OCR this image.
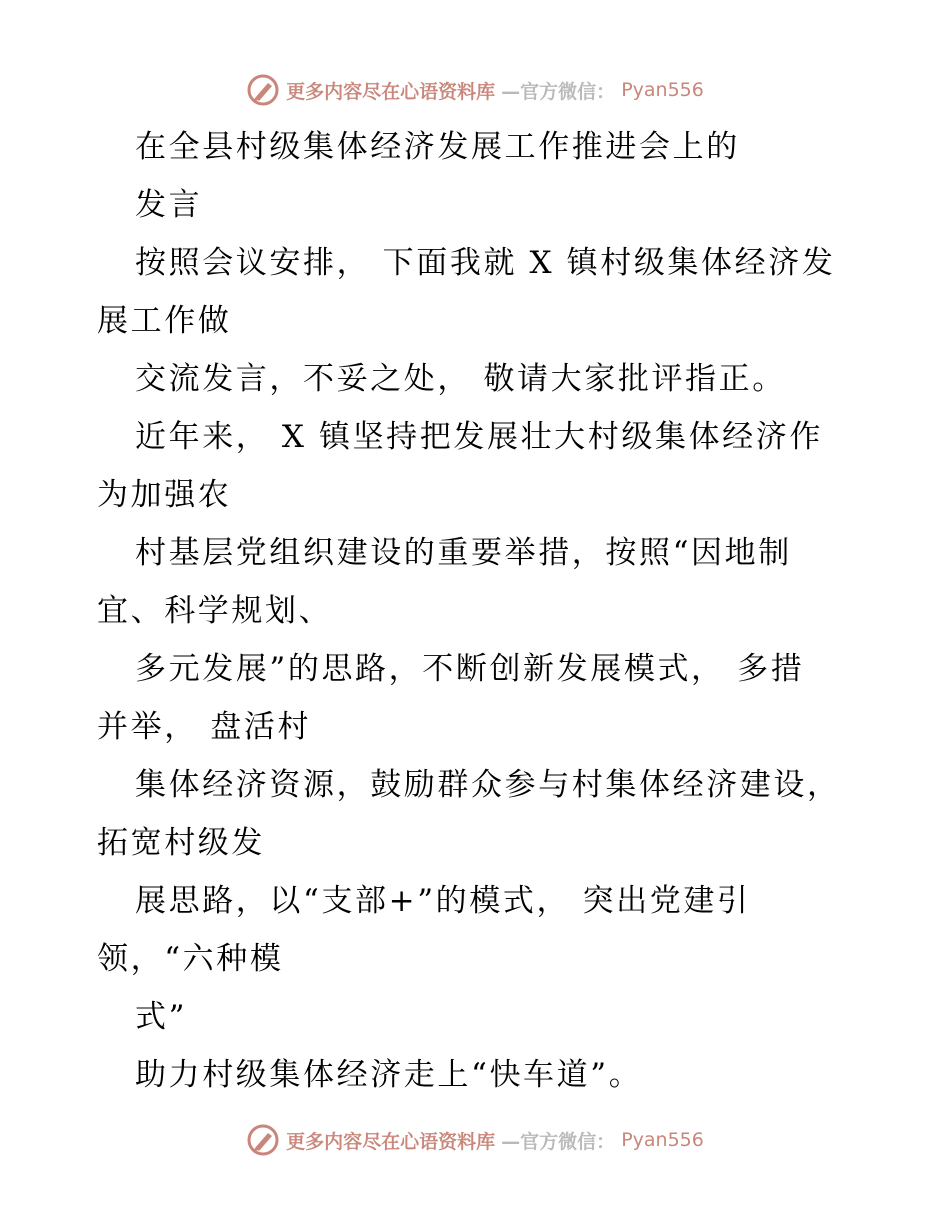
更多内容尽在心语资料库 —官方微信： Pyan556
在全县村级集体经济发展工作推进会上的
发言
按照会议安排， 下面我就 X 镇村级集体经济发
展工作做
交流发言，不妥之处， 敬请大家批评指正。
近年来， X 镇坚持把发展壮大村级集体经济作
为加强农
村基层党组织建设的重要举措，按照“因地制
宜、科学规划、
多元发展”的思路，不断创新发展模式， 多措
并举， 盘活村
集体经济资源，鼓励群众参与村集体经济建设，
拓宽村级发
展思路，以“支部+”的模式， 突出党建引
领，“六种模
式”
助力村级集体经济走上“快车道”。
更多内容尽在心语资料库 —官方微信： Pyan556
